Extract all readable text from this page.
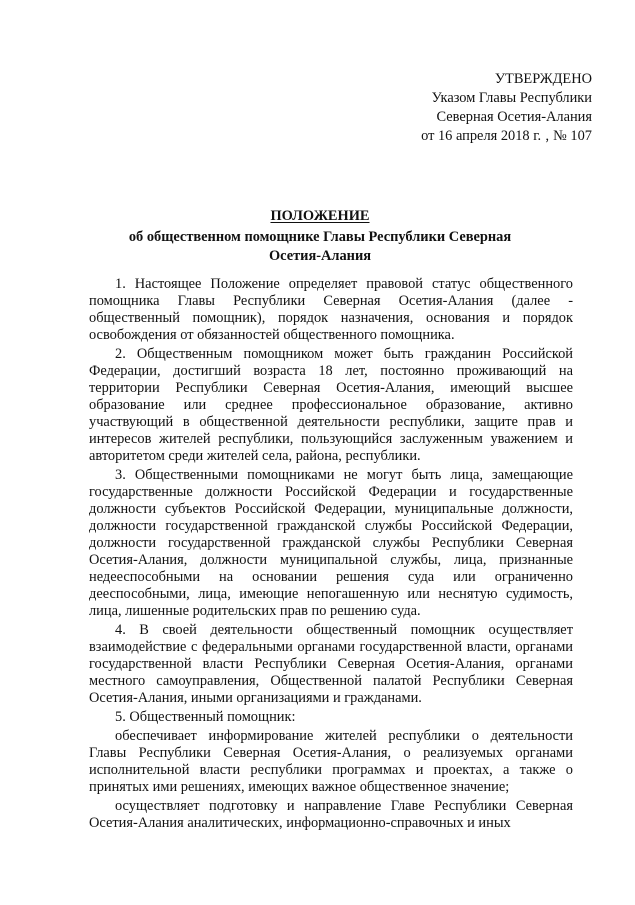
УТВЕРЖДЕНО
Указом Главы Республики
Северная Осетия-Алания
от 16 апреля 2018 г. ‚ № 107
ПОЛОЖЕНИЕ
об общественном помощнике Главы Республики Северная
Осетия-Алания

1. Настоящее Положение определяет правовой статус общественного помощника Главы Республики Северная Осетия-Алания (далее - общественный помощник), порядок назначения, основания и порядок освобождения от обязанностей общественного помощника.

2. Общественным помощником может быть гражданин Российской Федерации, достигший возраста 18 лет, постоянно проживающий на территории Республики Северная Осетия-Алания, имеющий высшее образование или среднее профессиональное образование, активно участвующий в общественной деятельности республики, защите прав и интересов жителей республики, пользующийся заслуженным уважением и авторитетом среди жителей села, района, республики.

3. Общественными помощниками не могут быть лица, замещающие государственные должности Российской Федерации и государственные должности субъектов Российской Федерации, муниципальные должности, должности государственной гражданской службы Российской Федерации, должности государственной гражданской службы Республики Северная Осетия-Алания, должности муниципальной службы, лица, признанные недееспособными на основании решения суда или ограниченно дееспособными, лица, имеющие непогашенную или неснятую судимость, лица, лишенные родительских прав по решению суда.

4. В своей деятельности общественный помощник осуществляет взаимодействие с федеральными органами государственной власти, органами государственной власти Республики Северная Осетия-Алания, органами местного самоуправления, Общественной палатой Республики Северная Осетия-Алания, иными организациями и гражданами.

5. Общественный помощник:

обеспечивает информирование жителей республики о деятельности Главы Республики Северная Осетия-Алания, о реализуемых органами исполнительной власти республики программах и проектах, а также о принятых ими решениях, имеющих важное общественное значение;

осуществляет подготовку и направление Главе Республики Северная Осетия-Алания аналитических, информационно-справочных и иных
